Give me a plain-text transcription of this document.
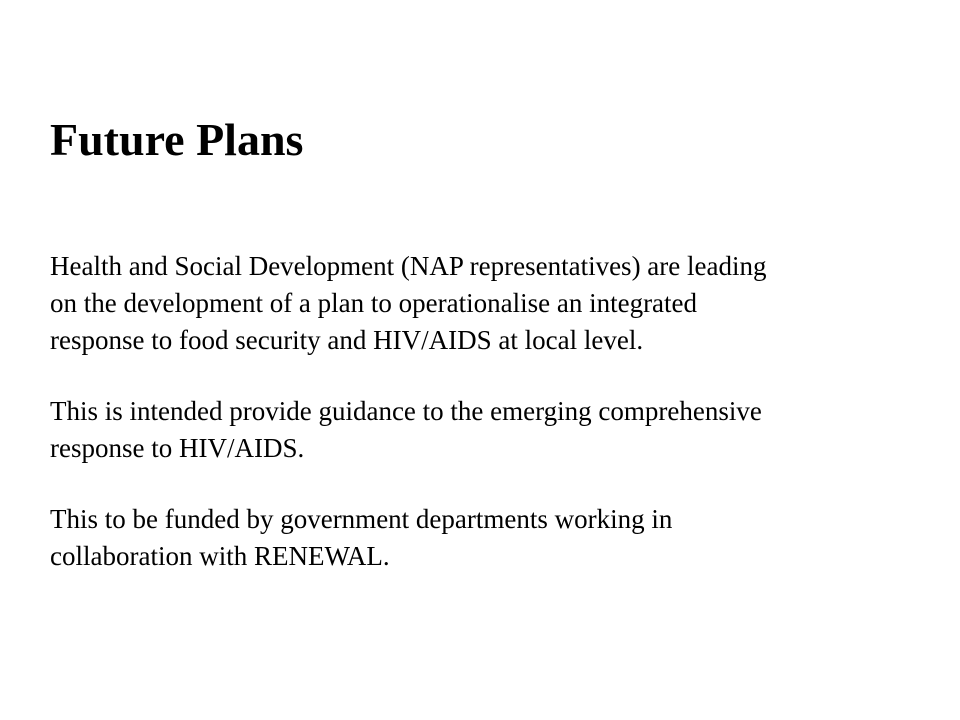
Future Plans

Health and Social Development (NAP representatives) are leading
on the development of a plan to operationalise an integrated
response to food security and HIV/AIDS at local level.

This is intended provide guidance to the emerging comprehensive
response to HIV/AIDS.

This to be funded by government departments working in
collaboration with RENEWAL.
